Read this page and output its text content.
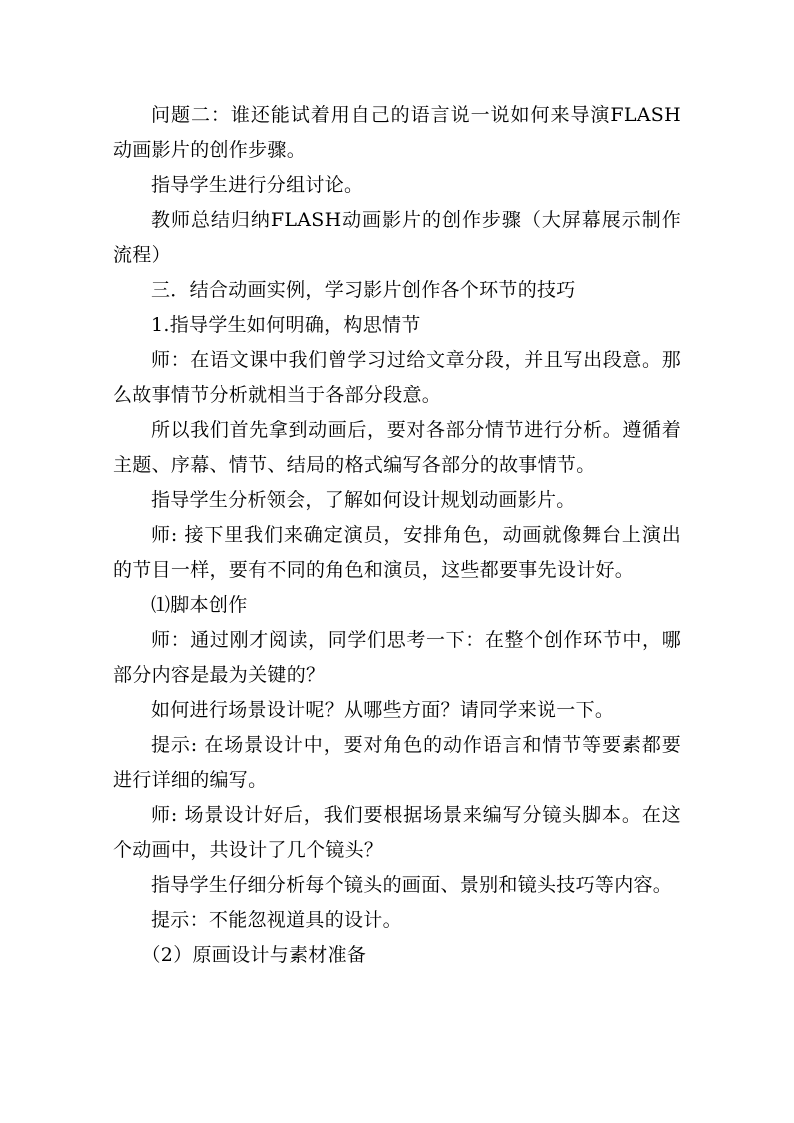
问题二：谁还能试着用自己的语言说一说如何来导演FLASH动画影片的创作步骤。

指导学生进行分组讨论。

教师总结归纳FLASH动画影片的创作步骤（大屏幕展示制作流程）

三．结合动画实例，学习影片创作各个环节的技巧

1.指导学生如何明确，构思情节

师：在语文课中我们曾学习过给文章分段，并且写出段意。那么故事情节分析就相当于各部分段意。

所以我们首先拿到动画后，要对各部分情节进行分析。遵循着主题、序幕、情节、结局的格式编写各部分的故事情节。

指导学生分析领会，了解如何设计规划动画影片。

师: 接下里我们来确定演员，安排角色，动画就像舞台上演出的节目一样，要有不同的角色和演员，这些都要事先设计好。

⑴脚本创作

师：通过刚才阅读，同学们思考一下：在整个创作环节中，哪部分内容是最为关键的？

如何进行场景设计呢？从哪些方面？请同学来说一下。

提示: 在场景设计中，要对角色的动作语言和情节等要素都要进行详细的编写。

师: 场景设计好后，我们要根据场景来编写分镜头脚本。在这个动画中，共设计了几个镜头？

指导学生仔细分析每个镜头的画面、景别和镜头技巧等内容。

提示：不能忽视道具的设计。

（2）原画设计与素材准备
